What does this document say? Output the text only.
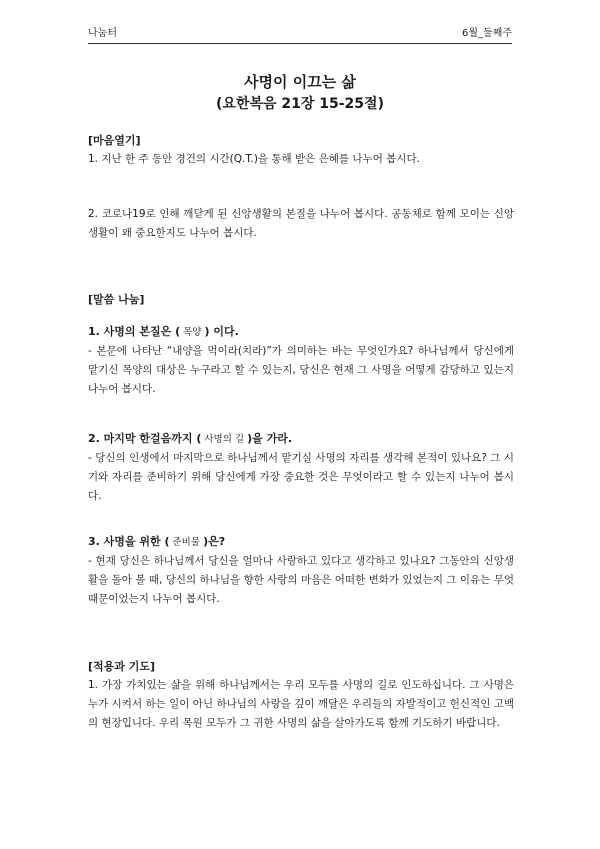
나눔터	6월_둘째주
사명이 이끄는 삶
(요한복음 21장 15-25절)
[마음열기]
1. 지난 한 주 동안 경건의 시간(Q.T.)을 통해 받은 은혜를 나누어 봅시다.
2. 코로나19로 인해 깨닫게 된 신앙생활의 본질을 나누어 봅시다. 공동체로 함께 모이는 신앙생활이 왜 중요한지도 나누어 봅시다.
[말씀 나눔]
1. 사명의 본질은 ( 목양 ) 이다.
- 본문에 나타난 “내양을 먹이라(치라)”가 의미하는 바는 무엇인가요? 하나님께서 당신에게 맡기신 목양의 대상은 누구라고 할 수 있는지, 당신은 현재 그 사명을 어떻게 감당하고 있는지 나누어 봅시다.
2. 마지막 한걸음까지 ( 사명의 길 )을 가라.
- 당신의 인생에서 마지막으로 하나님께서 맡기실 사명의 자리를 생각해 본적이 있나요? 그 시기와 자리를 준비하기 위해 당신에게 가장 중요한 것은 무엇이라고 할 수 있는지 나누어 봅시다.
3. 사명을 위한 ( 준비물 )은?
- 현재 당신은 하나님께서 당신을 얼마나 사랑하고 있다고 생각하고 있나요? 그동안의 신앙생활을 돌아 볼 때, 당신의 하나님을 향한 사랑의 마음은 어떠한 변화가 있었는지 그 이유는 무엇 때문이었는지 나누어 봅시다.
[적용과 기도]
1. 가장 가치있는 삶을 위해 하나님께서는 우리 모두를 사명의 길로 인도하십니다. 그 사명은 누가 시켜서 하는 일이 아닌 하나님의 사랑을 깊이 깨달은 우리들의 자발적이고 헌신적인 고백의 현장입니다. 우리 목원 모두가 그 귀한 사명의 삶을 살아가도록 함께 기도하기 바랍니다.
